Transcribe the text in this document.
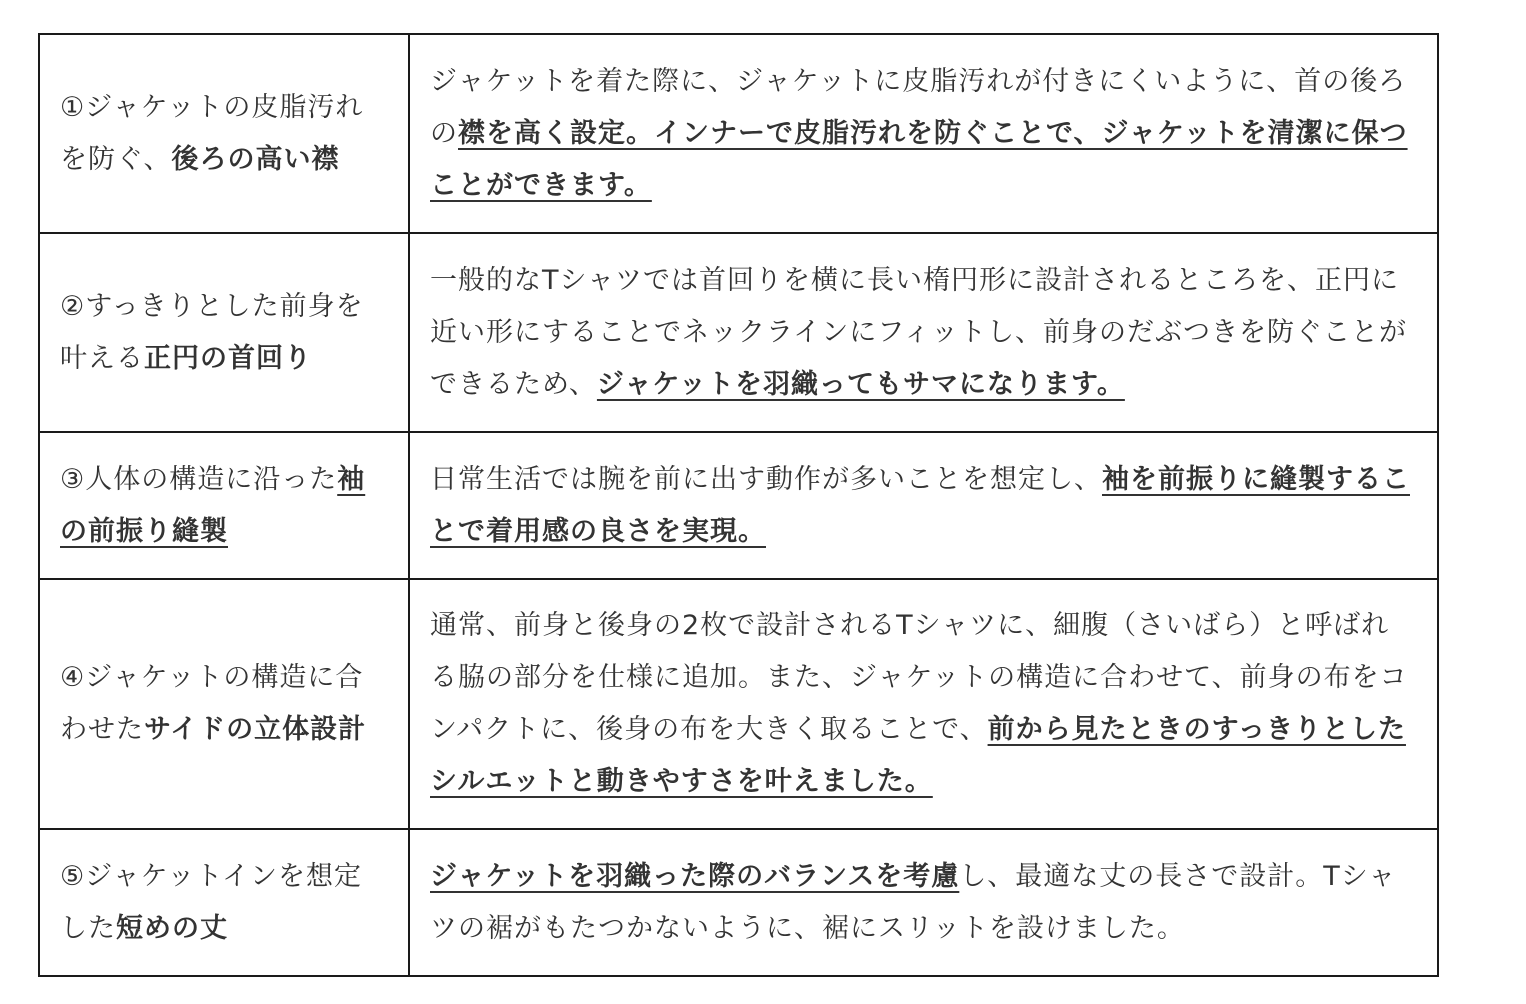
①ジャケットの皮脂汚れを防ぐ、後ろの高い襟	ジャケットを着た際に、ジャケットに皮脂汚れが付きにくいように、首の後ろの襟を高く設定。インナーで皮脂汚れを防ぐことで、ジャケットを清潔に保つことができます。
②すっきりとした前身を叶える正円の首回り	一般的なTシャツでは首回りを横に長い楕円形に設計されるところを、正円に近い形にすることでネックラインにフィットし、前身のだぶつきを防ぐことができるため、ジャケットを羽織ってもサマになります。
③人体の構造に沿った袖の前振り縫製	日常生活では腕を前に出す動作が多いことを想定し、袖を前振りに縫製することで着用感の良さを実現。
④ジャケットの構造に合わせたサイドの立体設計	通常、前身と後身の2枚で設計されるTシャツに、細腹（さいばら）と呼ばれる脇の部分を仕様に追加。また、ジャケットの構造に合わせて、前身の布をコンパクトに、後身の布を大きく取ることで、前から見たときのすっきりとしたシルエットと動きやすさを叶えました。
⑤ジャケットインを想定した短めの丈	ジャケットを羽織った際のバランスを考慮し、最適な丈の長さで設計。Tシャツの裾がもたつかないように、裾にスリットを設けました。
